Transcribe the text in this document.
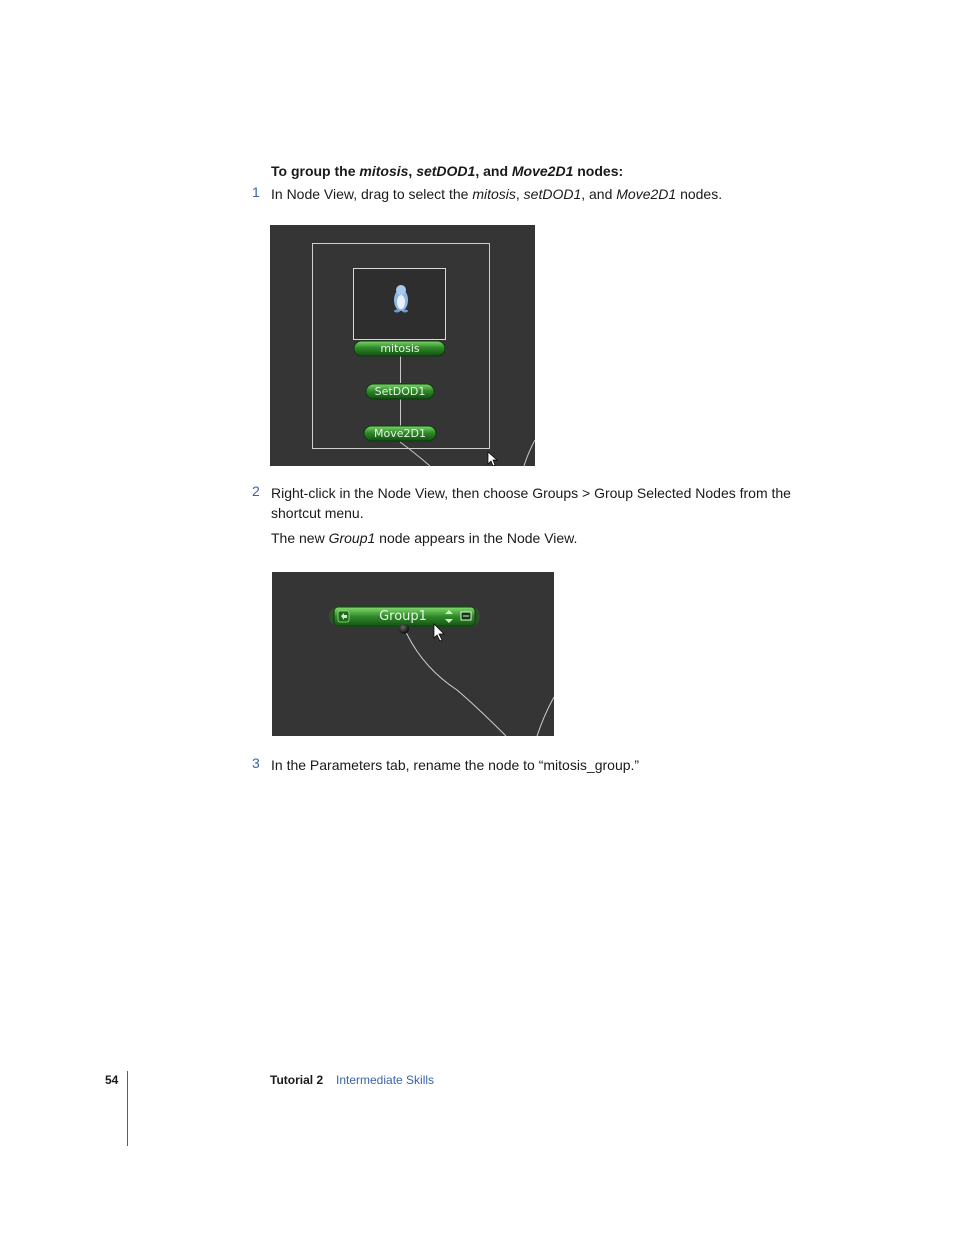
To group the mitosis, setDOD1, and Move2D1 nodes:
1 In Node View, drag to select the mitosis, setDOD1, and Move2D1 nodes.
mitosis
SetDOD1
Move2D1
2 Right-click in the Node View, then choose Groups > Group Selected Nodes from the shortcut menu.
The new Group1 node appears in the Node View.
Group1
3 In the Parameters tab, rename the node to “mitosis_group.”
54	Tutorial 2 Intermediate Skills
